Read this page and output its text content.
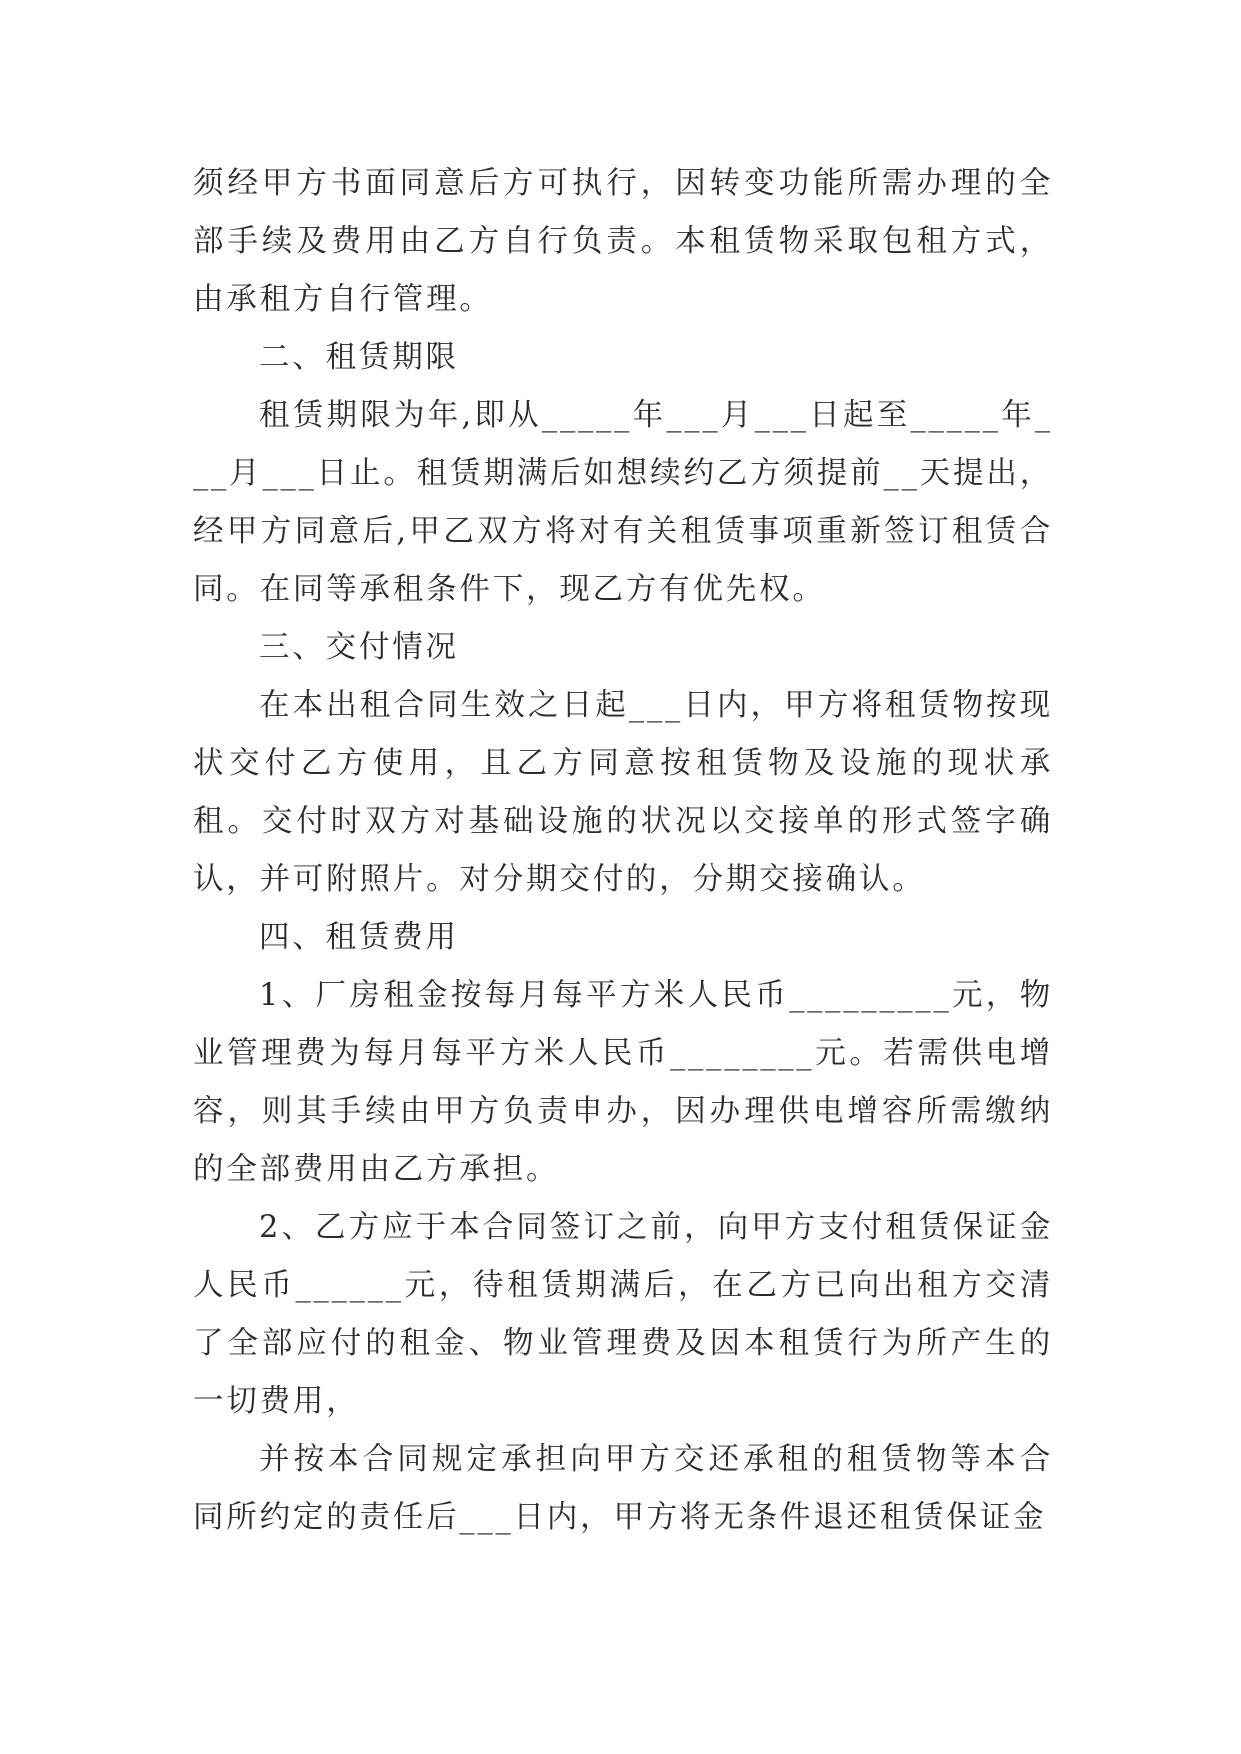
须经甲方书面同意后方可执行，因转变功能所需办理的全部手续及费用由乙方自行负责。本租赁物采取包租方式，由承租方自行管理。

二、租赁期限

租赁期限为年,即从_____年___月___日起至_____年___月___日止。租赁期满后如想续约乙方须提前__天提出，经甲方同意后,甲乙双方将对有关租赁事项重新签订租赁合同。在同等承租条件下，现乙方有优先权。

三、交付情况

在本出租合同生效之日起___日内，甲方将租赁物按现状交付乙方使用，且乙方同意按租赁物及设施的现状承租。交付时双方对基础设施的状况以交接单的形式签字确认，并可附照片。对分期交付的，分期交接确认。

四、租赁费用

1、厂房租金按每月每平方米人民币_________元，物业管理费为每月每平方米人民币________元。若需供电增容，则其手续由甲方负责申办，因办理供电增容所需缴纳的全部费用由乙方承担。

2、乙方应于本合同签订之前，向甲方支付租赁保证金人民币______元，待租赁期满后，在乙方已向出租方交清了全部应付的租金、物业管理费及因本租赁行为所产生的一切费用，

并按本合同规定承担向甲方交还承租的租赁物等本合同所约定的责任后___日内，甲方将无条件退还租赁保证金
